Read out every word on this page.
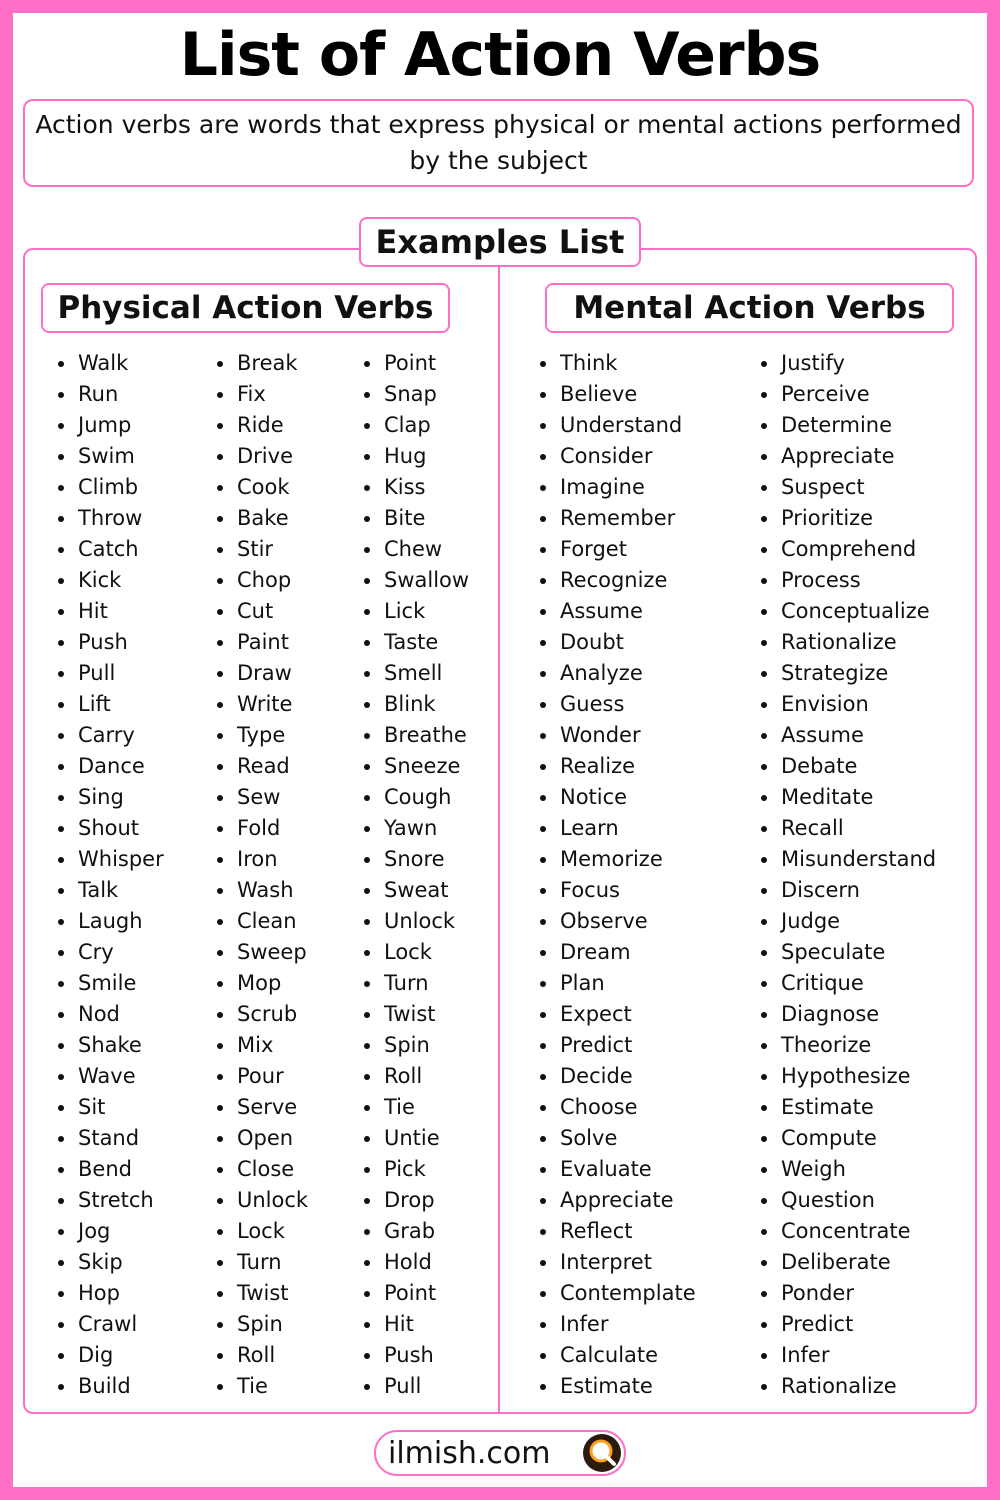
List of Action Verbs
Action verbs are words that express physical or mental actions performed by the subject
Examples List
Physical Action Verbs	Mental Action Verbs
Walk
Run
Jump
Swim
Climb
Throw
Catch
Kick
Hit
Push
Pull
Lift
Carry
Dance
Sing
Shout
Whisper
Talk
Laugh
Cry
Smile
Nod
Shake
Wave
Sit
Stand
Bend
Stretch
Jog
Skip
Hop
Crawl
Dig
Build
Break
Fix
Ride
Drive
Cook
Bake
Stir
Chop
Cut
Paint
Draw
Write
Type
Read
Sew
Fold
Iron
Wash
Clean
Sweep
Mop
Scrub
Mix
Pour
Serve
Open
Close
Unlock
Lock
Turn
Twist
Spin
Roll
Tie
Point
Snap
Clap
Hug
Kiss
Bite
Chew
Swallow
Lick
Taste
Smell
Blink
Breathe
Sneeze
Cough
Yawn
Snore
Sweat
Unlock
Lock
Turn
Twist
Spin
Roll
Tie
Untie
Pick
Drop
Grab
Hold
Point
Hit
Push
Pull
Think
Believe
Understand
Consider
Imagine
Remember
Forget
Recognize
Assume
Doubt
Analyze
Guess
Wonder
Realize
Notice
Learn
Memorize
Focus
Observe
Dream
Plan
Expect
Predict
Decide
Choose
Solve
Evaluate
Appreciate
Reflect
Interpret
Contemplate
Infer
Calculate
Estimate
Justify
Perceive
Determine
Appreciate
Suspect
Prioritize
Comprehend
Process
Conceptualize
Rationalize
Strategize
Envision
Assume
Debate
Meditate
Recall
Misunderstand
Discern
Judge
Speculate
Critique
Diagnose
Theorize
Hypothesize
Estimate
Compute
Weigh
Question
Concentrate
Deliberate
Ponder
Predict
Infer
Rationalize
ilmish.com
